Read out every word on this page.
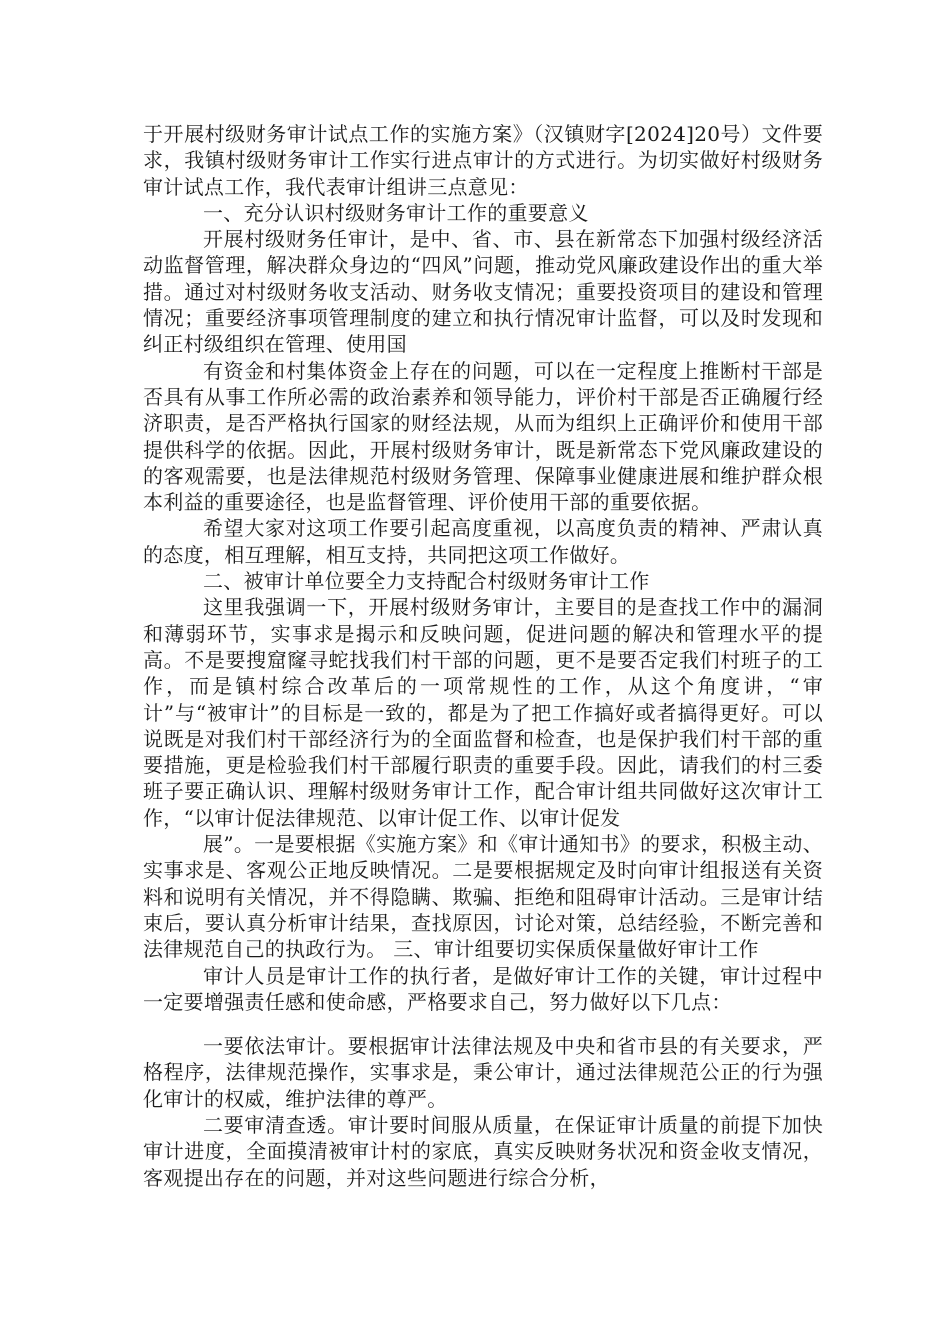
于开展村级财务审计试点工作的实施方案》（汉镇财字[2024]20号）文件要求，我镇村级财务审计工作实行进点审计的方式进行。为切实做好村级财务审计试点工作，我代表审计组讲三点意见：

一、充分认识村级财务审计工作的重要意义

开展村级财务任审计，是中、省、市、县在新常态下加强村级经济活动监督管理，解决群众身边的“四风”问题，推动党风廉政建设作出的重大举措。通过对村级财务收支活动、财务收支情况；重要投资项目的建设和管理情况；重要经济事项管理制度的建立和执行情况审计监督，可以及时发现和纠正村级组织在管理、使用国

有资金和村集体资金上存在的问题，可以在一定程度上推断村干部是否具有从事工作所必需的政治素养和领导能力，评价村干部是否正确履行经济职责，是否严格执行国家的财经法规，从而为组织上正确评价和使用干部提供科学的依据。因此，开展村级财务审计，既是新常态下党风廉政建设的的客观需要，也是法律规范村级财务管理、保障事业健康进展和维护群众根本利益的重要途径，也是监督管理、评价使用干部的重要依据。

希望大家对这项工作要引起高度重视，以高度负责的精神、严肃认真的态度，相互理解，相互支持，共同把这项工作做好。

二、被审计单位要全力支持配合村级财务审计工作

这里我强调一下，开展村级财务审计，主要目的是查找工作中的漏洞和薄弱环节，实事求是揭示和反映问题，促进问题的解决和管理水平的提高。不是要搜窟窿寻蛇找我们村干部的问题，更不是要否定我们村班子的工作，而是镇村综合改革后的一项常规性的工作，从这个角度讲，“审计”与“被审计”的目标是一致的，都是为了把工作搞好或者搞得更好。可以说既是对我们村干部经济行为的全面监督和检查，也是保护我们村干部的重要措施，更是检验我们村干部履行职责的重要手段。因此，请我们的村三委班子要正确认识、理解村级财务审计工作，配合审计组共同做好这次审计工作，“以审计促法律规范、以审计促工作、以审计促发

展”。一是要根据《实施方案》和《审计通知书》的要求，积极主动、实事求是、客观公正地反映情况。二是要根据规定及时向审计组报送有关资料和说明有关情况，并不得隐瞒、欺骗、拒绝和阻碍审计活动。三是审计结束后，要认真分析审计结果，查找原因，讨论对策，总结经验，不断完善和法律规范自己的执政行为。 三、审计组要切实保质保量做好审计工作

审计人员是审计工作的执行者，是做好审计工作的关键，审计过程中一定要增强责任感和使命感，严格要求自己，努力做好以下几点：

一要依法审计。要根据审计法律法规及中央和省市县的有关要求，严格程序，法律规范操作，实事求是，秉公审计，通过法律规范公正的行为强化审计的权威，维护法律的尊严。

二要审清查透。审计要时间服从质量，在保证审计质量的前提下加快审计进度，全面摸清被审计村的家底，真实反映财务状况和资金收支情况，客观提出存在的问题，并对这些问题进行综合分析，
